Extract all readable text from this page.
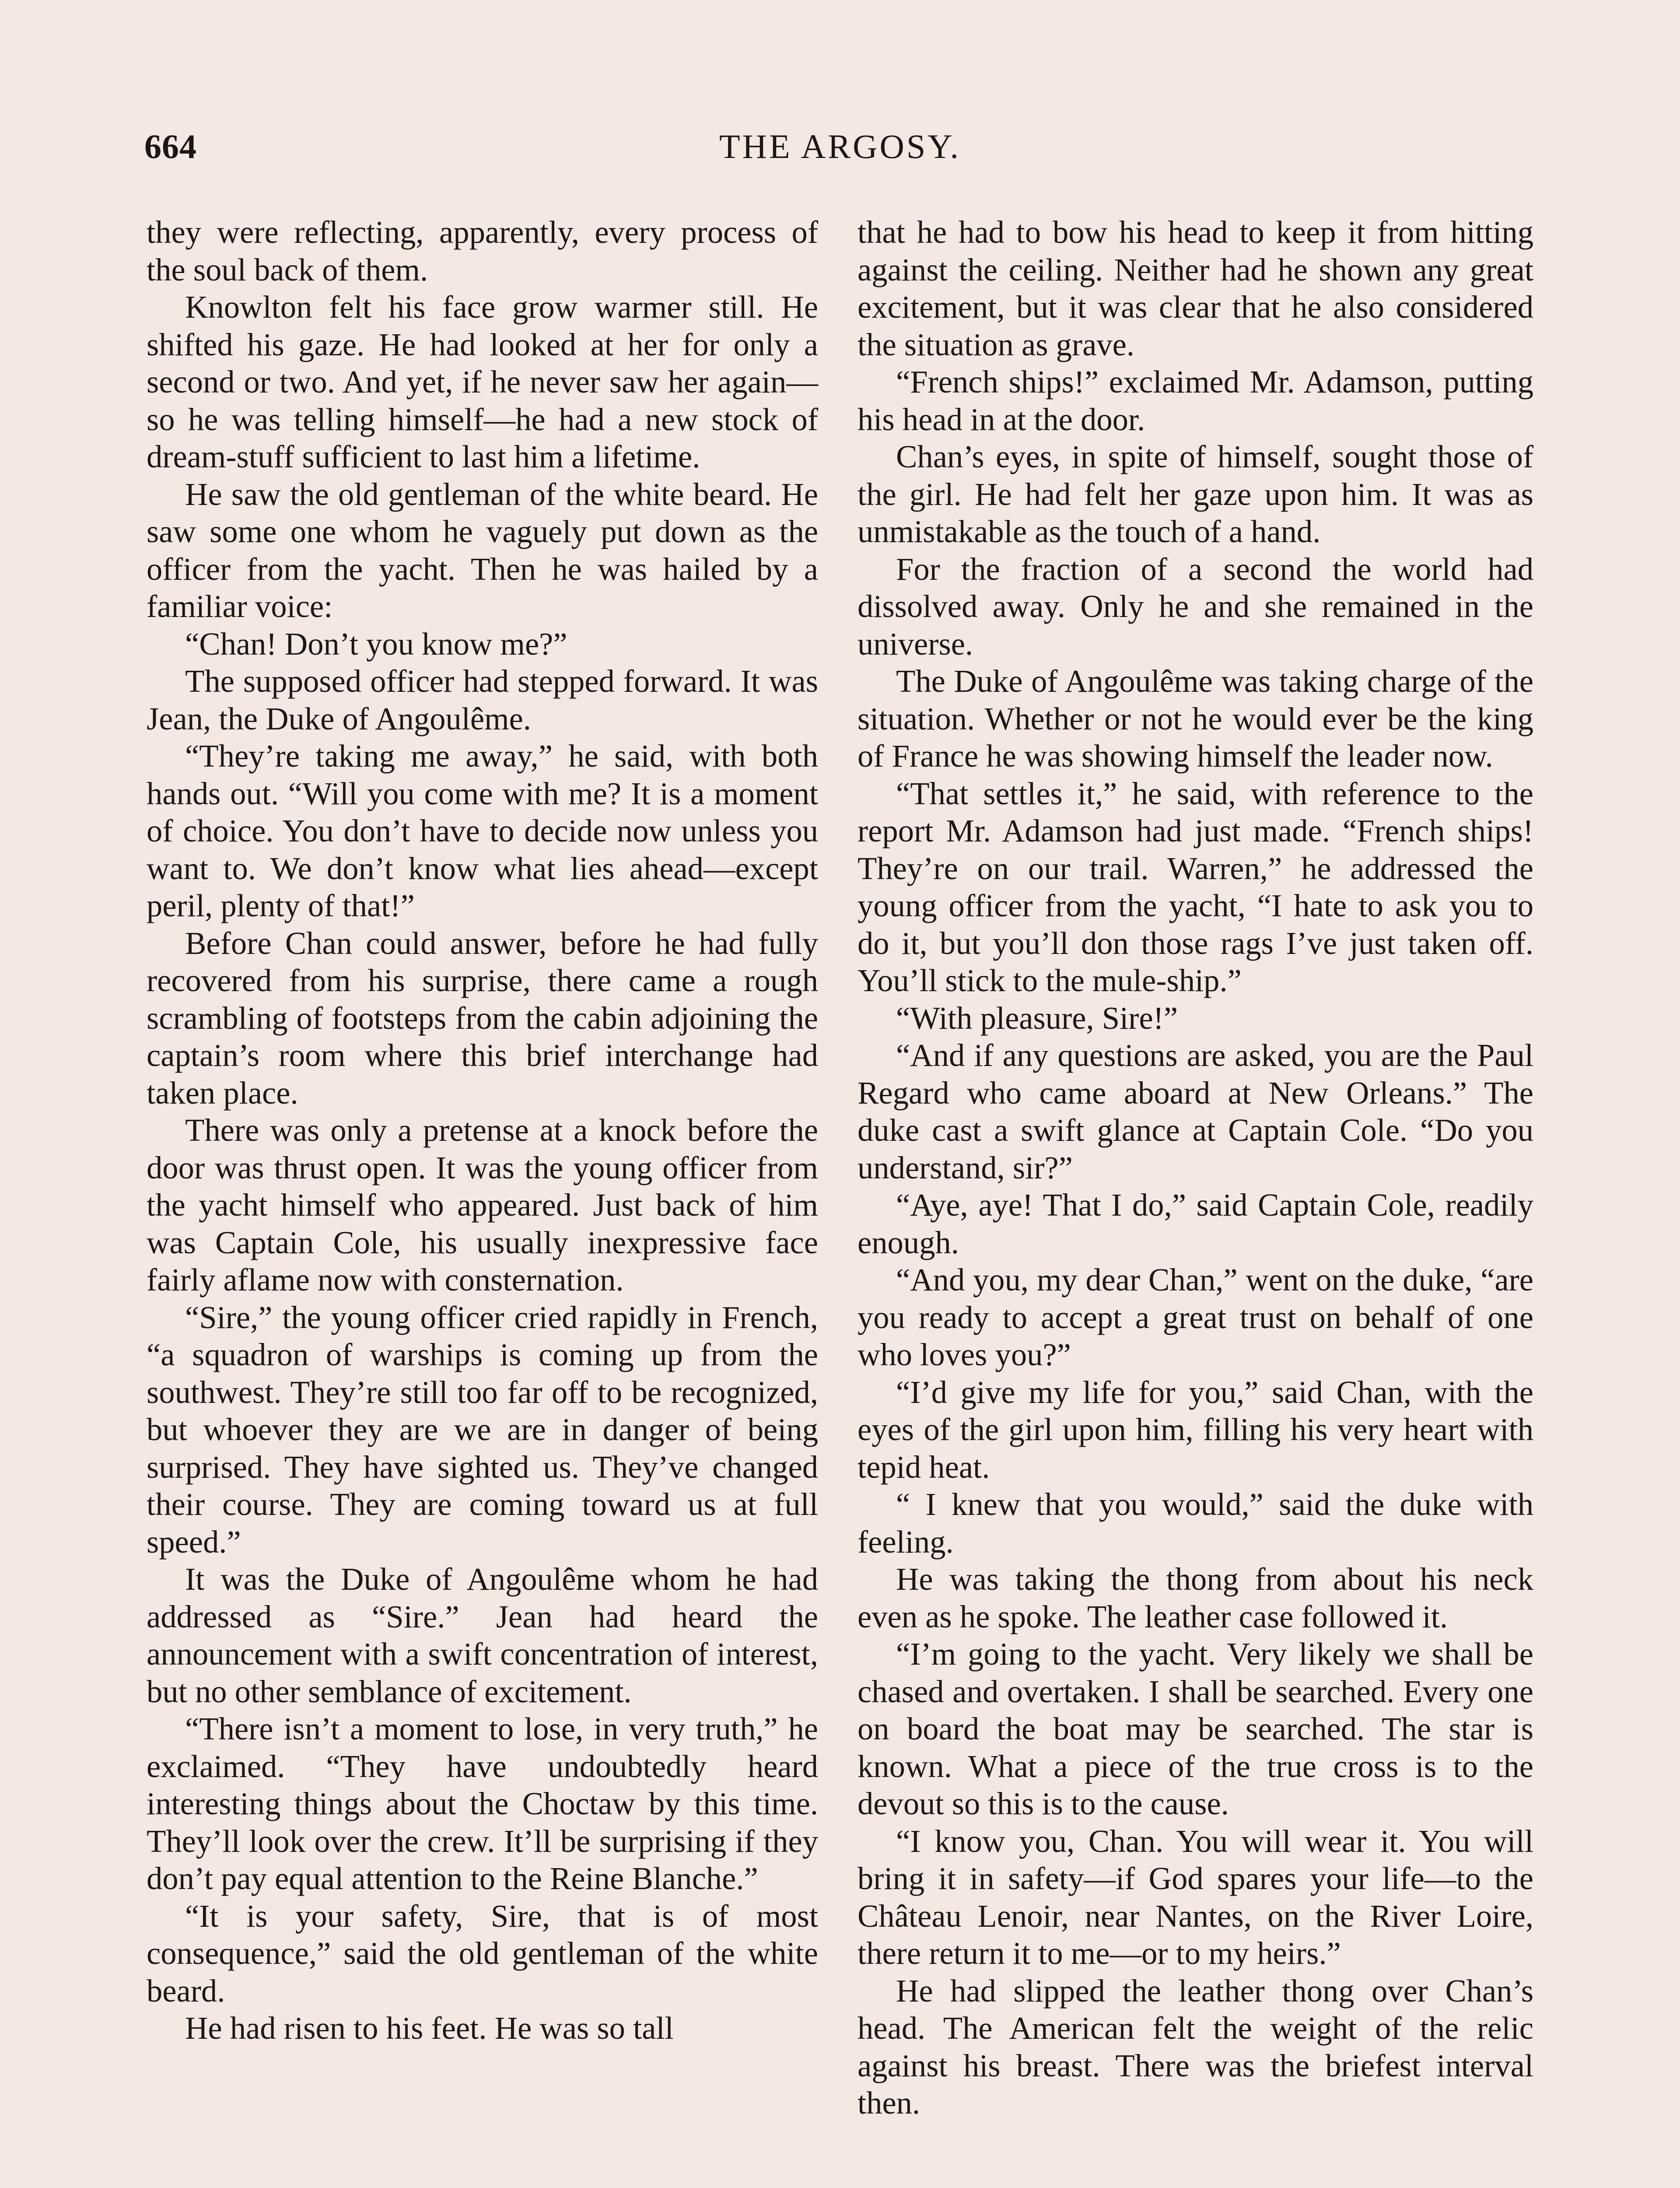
664	THE ARGOSY.

they were reflecting, apparently, every process of the soul back of them.

Knowlton felt his face grow warmer still. He shifted his gaze. He had looked at her for only a second or two. And yet, if he never saw her again—so he was telling himself—he had a new stock of dream-stuff sufficient to last him a lifetime.

He saw the old gentleman of the white beard. He saw some one whom he vaguely put down as the officer from the yacht. Then he was hailed by a familiar voice:

“Chan! Don’t you know me?”

The supposed officer had stepped forward. It was Jean, the Duke of Angoulême.

“They’re taking me away,” he said, with both hands out. “Will you come with me? It is a moment of choice. You don’t have to decide now unless you want to. We don’t know what lies ahead—except peril, plenty of that!”

Before Chan could answer, before he had fully recovered from his surprise, there came a rough scrambling of footsteps from the cabin adjoining the captain’s room where this brief interchange had taken place.

There was only a pretense at a knock before the door was thrust open. It was the young officer from the yacht himself who appeared. Just back of him was Captain Cole, his usually inexpressive face fairly aflame now with consternation.

“Sire,” the young officer cried rapidly in French, “a squadron of warships is coming up from the southwest. They’re still too far off to be recognized, but whoever they are we are in danger of being surprised. They have sighted us. They’ve changed their course. They are coming toward us at full speed.”

It was the Duke of Angoulême whom he had addressed as “Sire.” Jean had heard the announcement with a swift concentration of interest, but no other semblance of excitement.

“There isn’t a moment to lose, in very truth,” he exclaimed. “They have undoubtedly heard interesting things about the Choctaw by this time. They’ll look over the crew. It’ll be surprising if they don’t pay equal attention to the Reine Blanche.”

“It is your safety, Sire, that is of most consequence,” said the old gentleman of the white beard.

He had risen to his feet. He was so tall

that he had to bow his head to keep it from hitting against the ceiling. Neither had he shown any great excitement, but it was clear that he also considered the situation as grave.

“French ships!” exclaimed Mr. Adamson, putting his head in at the door.

Chan’s eyes, in spite of himself, sought those of the girl. He had felt her gaze upon him. It was as unmistakable as the touch of a hand.

For the fraction of a second the world had dissolved away. Only he and she remained in the universe.

The Duke of Angoulême was taking charge of the situation. Whether or not he would ever be the king of France he was showing himself the leader now.

“That settles it,” he said, with reference to the report Mr. Adamson had just made. “French ships! They’re on our trail. Warren,” he addressed the young officer from the yacht, “I hate to ask you to do it, but you’ll don those rags I’ve just taken off. You’ll stick to the mule-ship.”

“With pleasure, Sire!”

“And if any questions are asked, you are the Paul Regard who came aboard at New Orleans.” The duke cast a swift glance at Captain Cole. “Do you understand, sir?”

“Aye, aye! That I do,” said Captain Cole, readily enough.

“And you, my dear Chan,” went on the duke, “are you ready to accept a great trust on behalf of one who loves you?”

“I’d give my life for you,” said Chan, with the eyes of the girl upon him, filling his very heart with tepid heat.

“ I knew that you would,” said the duke with feeling.

He was taking the thong from about his neck even as he spoke. The leather case followed it.

“I’m going to the yacht. Very likely we shall be chased and overtaken. I shall be searched. Every one on board the boat may be searched. The star is known. What a piece of the true cross is to the devout so this is to the cause.

“I know you, Chan. You will wear it. You will bring it in safety—if God spares your life—to the Château Lenoir, near Nantes, on the River Loire, there return it to me—or to my heirs.”

He had slipped the leather thong over Chan’s head. The American felt the weight of the relic against his breast. There was the briefest interval then.
